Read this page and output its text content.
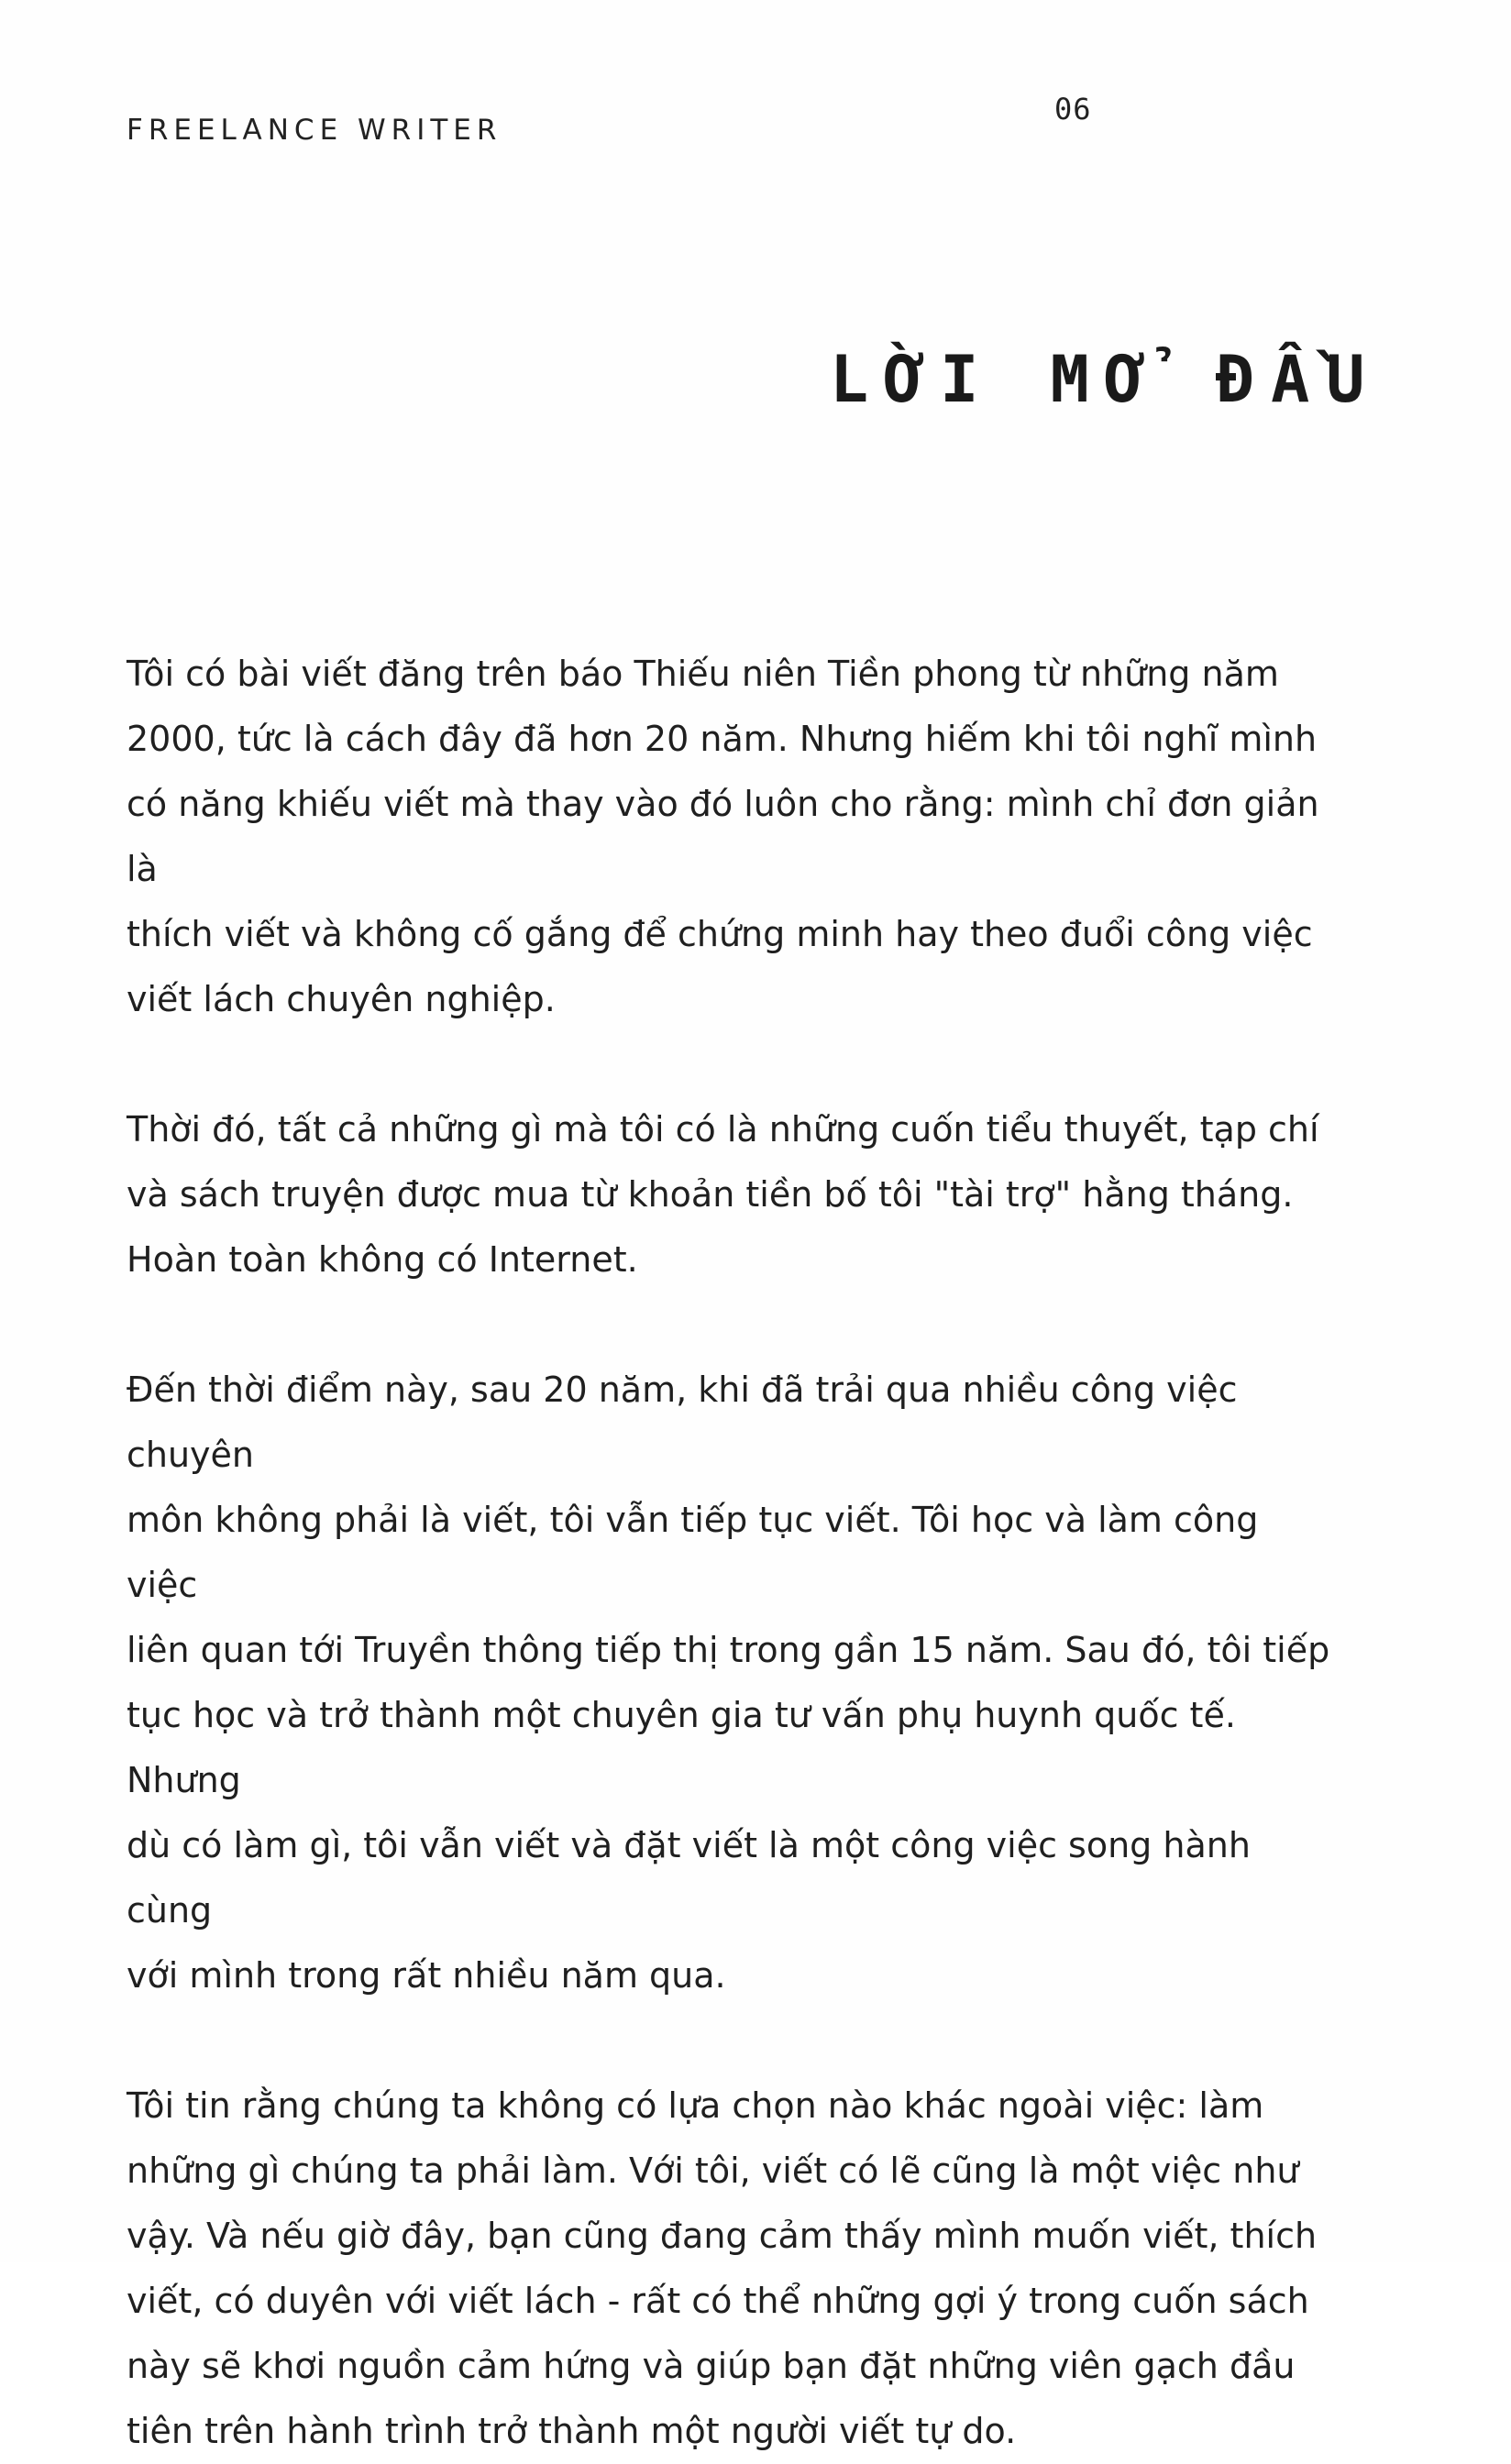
FREELANCE WRITER
06
LỜI MỞ ĐẦU

Tôi có bài viết đăng trên báo Thiếu niên Tiền phong từ những năm
2000, tức là cách đây đã hơn 20 năm. Nhưng hiếm khi tôi nghĩ mình
có năng khiếu viết mà thay vào đó luôn cho rằng: mình chỉ đơn giản là
thích viết và không cố gắng để chứng minh hay theo đuổi công việc
viết lách chuyên nghiệp.

Thời đó, tất cả những gì mà tôi có là những cuốn tiểu thuyết, tạp chí
và sách truyện được mua từ khoản tiền bố tôi "tài trợ" hằng tháng.
Hoàn toàn không có Internet.

Đến thời điểm này, sau 20 năm, khi đã trải qua nhiều công việc chuyên
môn không phải là viết, tôi vẫn tiếp tục viết. Tôi học và làm công việc
liên quan tới Truyền thông tiếp thị trong gần 15 năm. Sau đó, tôi tiếp
tục học và trở thành một chuyên gia tư vấn phụ huynh quốc tế. Nhưng
dù có làm gì, tôi vẫn viết và đặt viết là một công việc song hành cùng
với mình trong rất nhiều năm qua.

Tôi tin rằng chúng ta không có lựa chọn nào khác ngoài việc: làm
những gì chúng ta phải làm. Với tôi, viết có lẽ cũng là một việc như
vậy. Và nếu giờ đây, bạn cũng đang cảm thấy mình muốn viết, thích
viết, có duyên với viết lách - rất có thể những gợi ý trong cuốn sách
này sẽ khơi nguồn cảm hứng và giúp bạn đặt những viên gạch đầu
tiên trên hành trình trở thành một người viết tự do.
